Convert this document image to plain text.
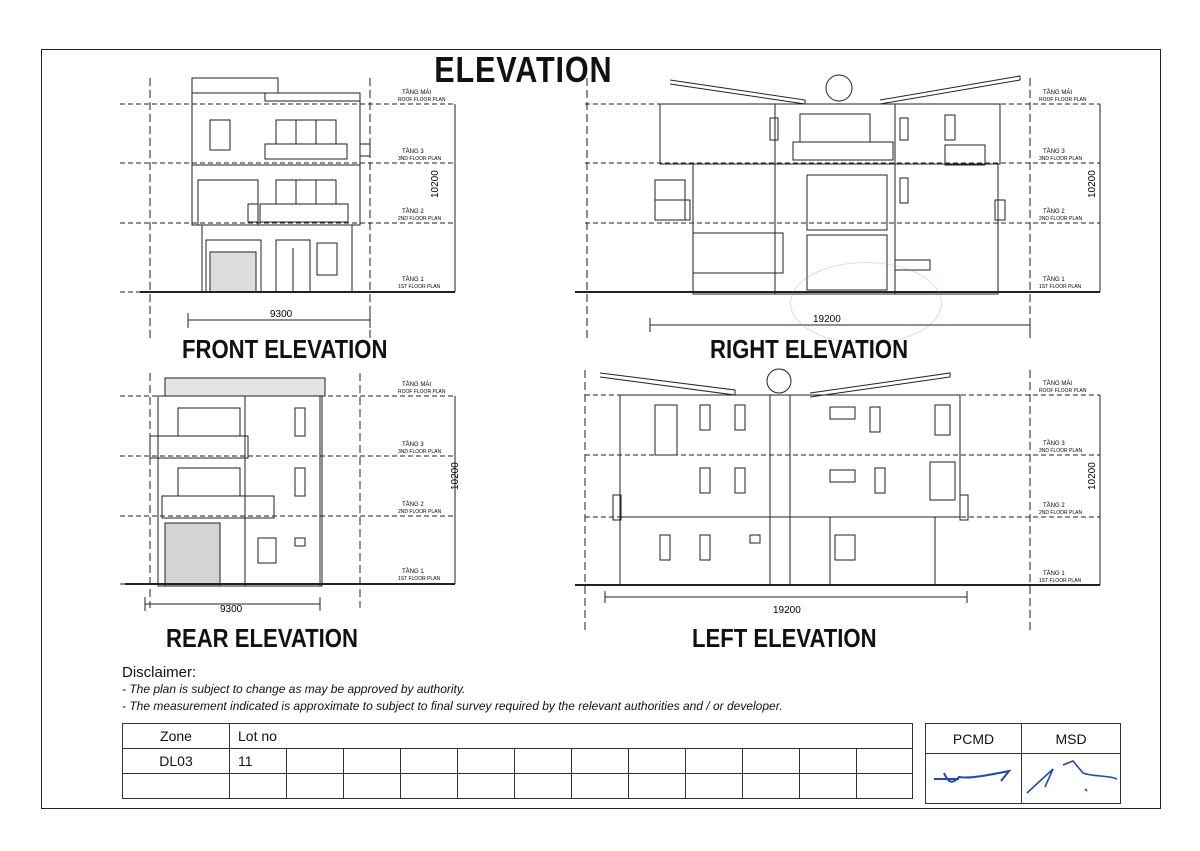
ELEVATION
10200
9300
TẦNG MÁI
ROOF FLOOR PLAN
TẦNG 3
3ND FLOOR PLAN
TẦNG 2
2ND FLOOR PLAN
TẦNG 1
1ST FLOOR PLAN
FRONT ELEVATION
10200
19200
TẦNG MÁI
ROOF FLOOR PLAN
TẦNG 3
3ND FLOOR PLAN
TẦNG 2
2ND FLOOR PLAN
TẦNG 1
1ST FLOOR PLAN
RIGHT ELEVATION
10200
9300
TẦNG MÁI
ROOF FLOOR PLAN
TẦNG 3
3ND FLOOR PLAN
TẦNG 2
2ND FLOOR PLAN
TẦNG 1
1ST FLOOR PLAN
REAR ELEVATION
10200
19200
TẦNG MÁI
ROOF FLOOR PLAN
TẦNG 3
3ND FLOOR PLAN
TẦNG 2
2ND FLOOR PLAN
TẦNG 1
1ST FLOOR PLAN
LEFT ELEVATION
Disclaimer:
- The plan is subject to change as may be approved by authority.
- The measurement indicated is approximate to subject to final survey required by the relevant authorities and / or developer.
Zone	Lot no											
DL03	11											

PCMD	MSD
